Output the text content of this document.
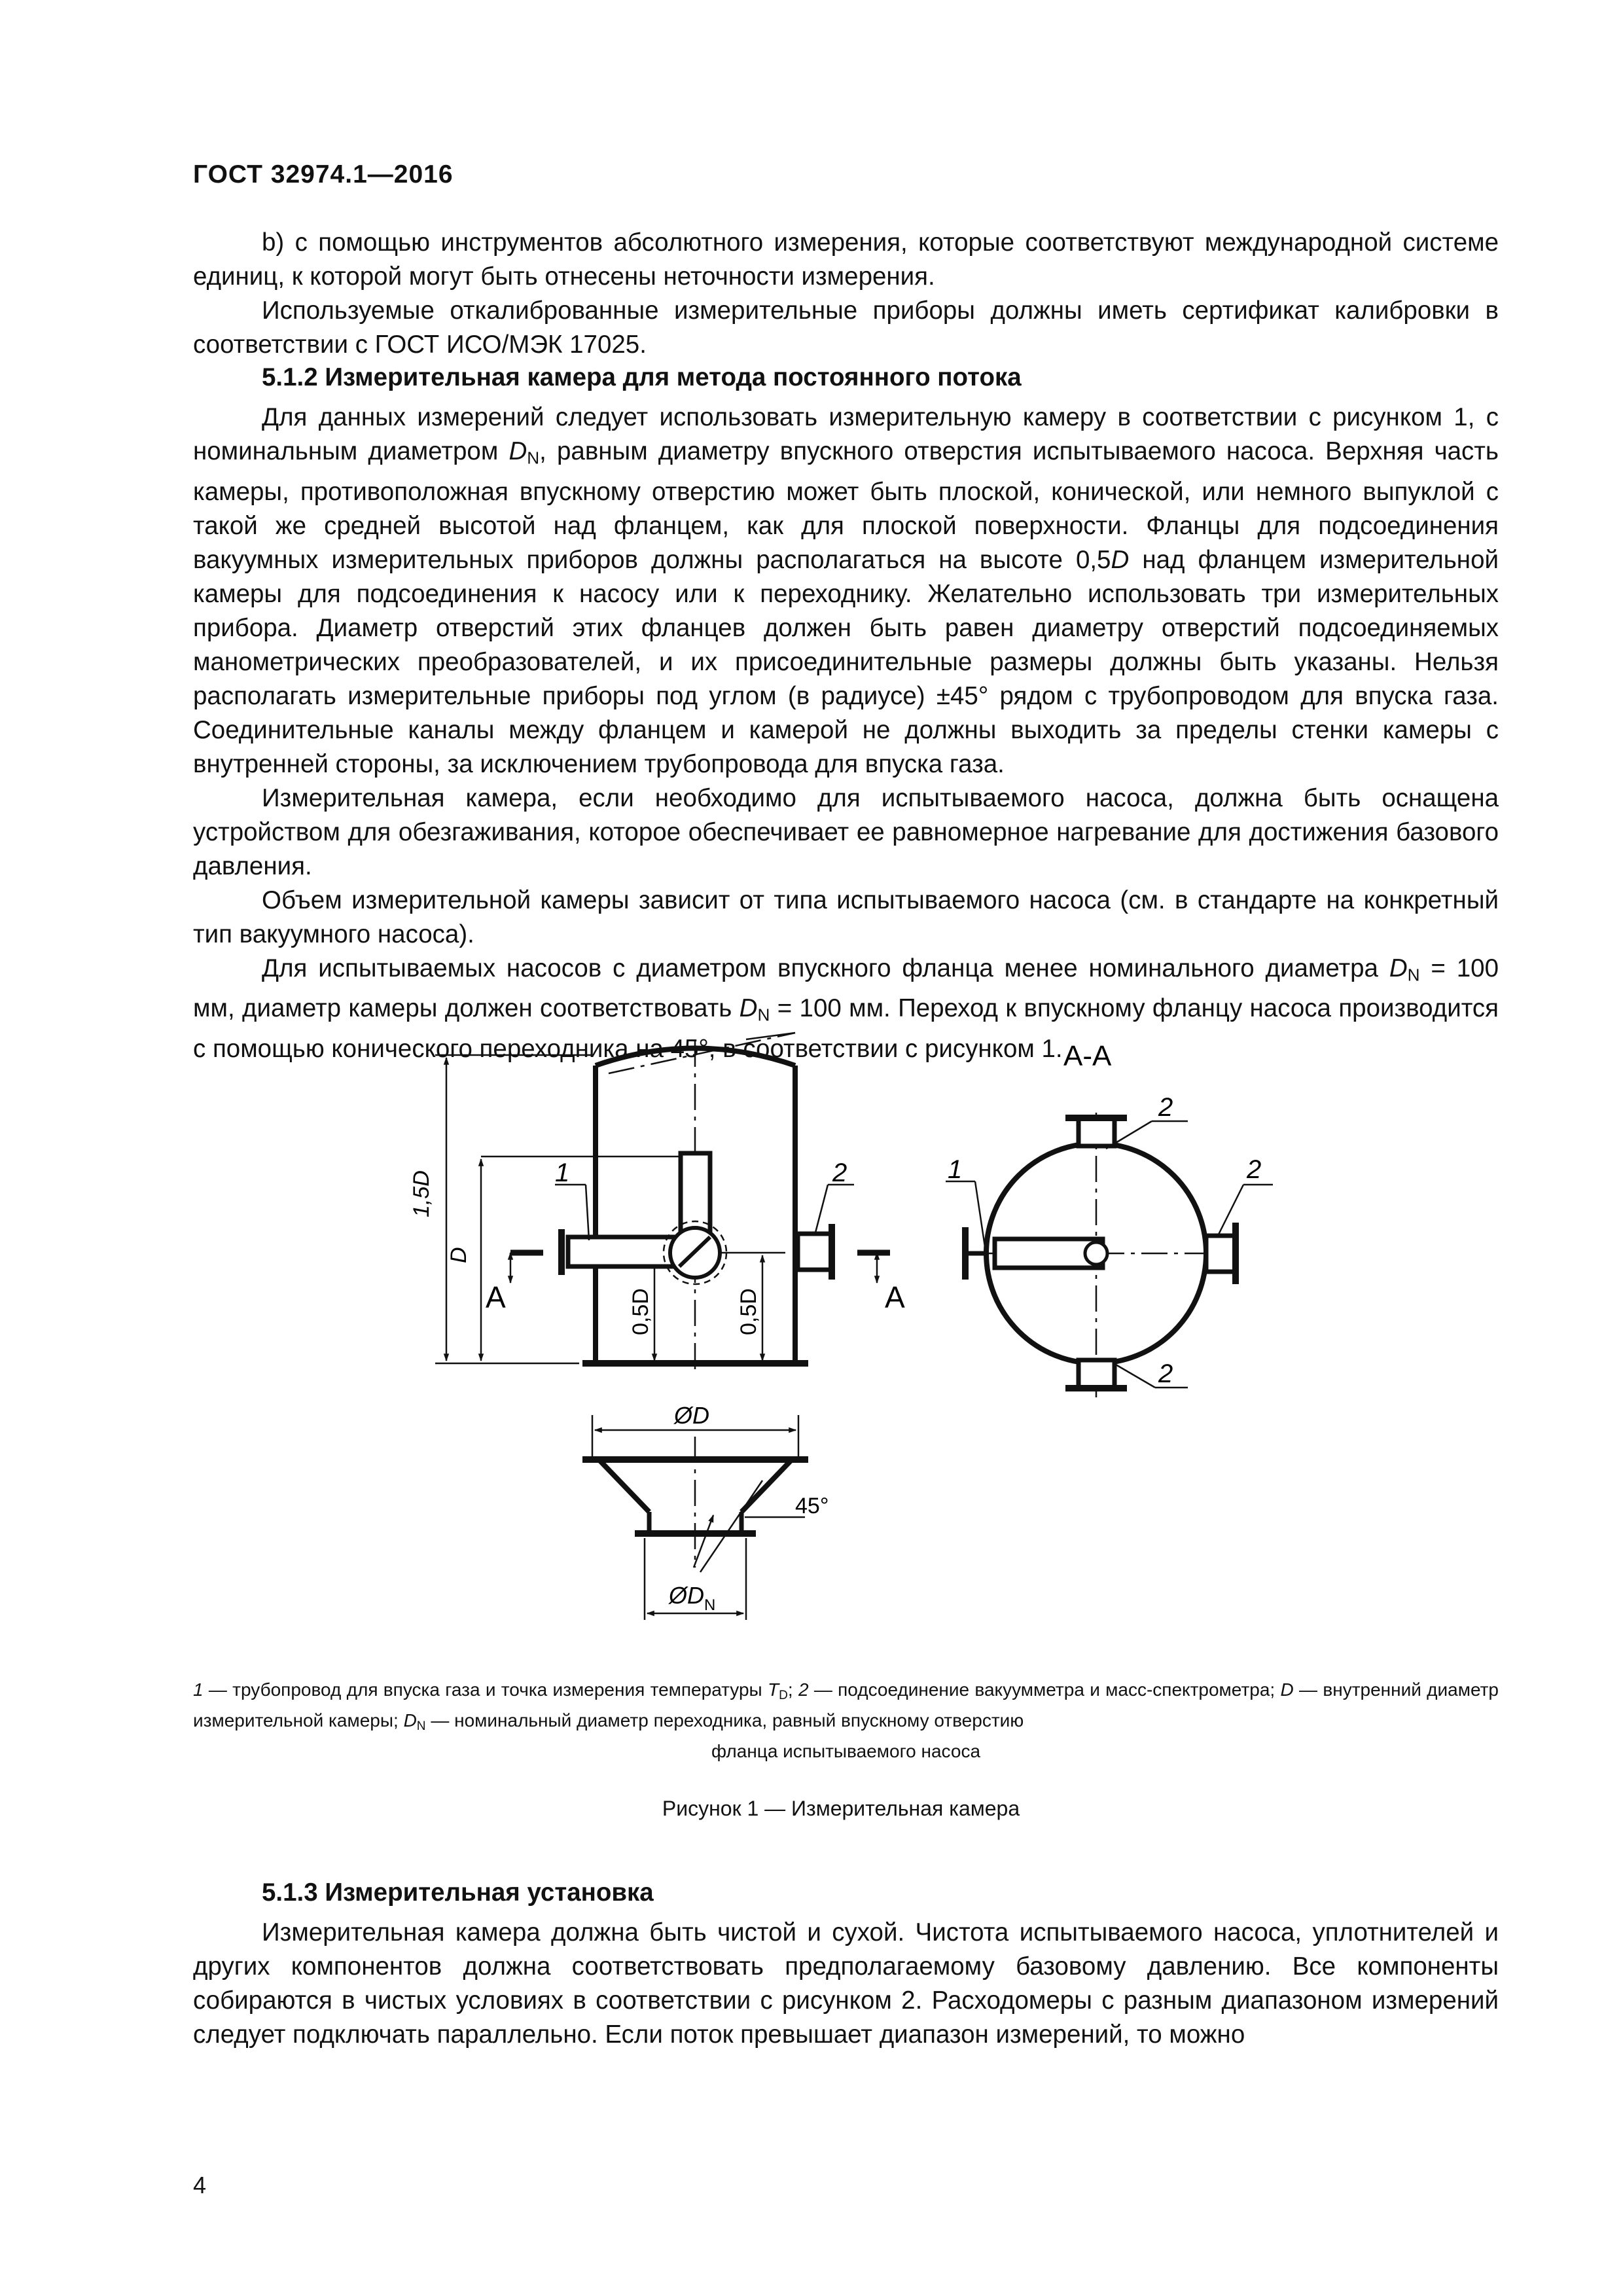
ГОСТ 32974.1—2016

b) с помощью инструментов абсолютного измерения, которые соответствуют международной системе единиц, к которой могут быть отнесены неточности измерения.

Используемые откалиброванные измерительные приборы должны иметь сертификат калибровки в соответствии с ГОСТ ИСО/МЭК 17025.

5.1.2 Измерительная камера для метода постоянного потока

Для данных измерений следует использовать измерительную камеру в соответствии с рисунком 1, с номинальным диаметром $D_N$, равным диаметру впускного отверстия испытываемого насоса. Верхняя часть камеры, противоположная впускному отверстию может быть плоской, конической, или немного выпуклой с такой же средней высотой над фланцем, как для плоской поверхности. Фланцы для подсоединения вакуумных измерительных приборов должны располагаться на высоте 0,5D над фланцем измерительной камеры для подсоединения к насосу или к переходнику. Желательно использовать три измерительных прибора. Диаметр отверстий этих фланцев должен быть равен диаметру отверстий подсоединяемых манометрических преобразователей, и их присоединительные размеры должны быть указаны. Нельзя располагать измерительные приборы под углом (в радиусе) ±45° рядом с трубопроводом для впуска газа. Соединительные каналы между фланцем и камерой не должны выходить за пределы стенки камеры с внутренней стороны, за исключением трубопровода для впуска газа.

Измерительная камера, если необходимо для испытываемого насоса, должна быть оснащена устройством для обезгаживания, которое обеспечивает ее равномерное нагревание для достижения базового давления.

Объем измерительной камеры зависит от типа испытываемого насоса (см. в стандарте на конкретный тип вакуумного насоса).

Для испытываемых насосов с диаметром впускного фланца менее номинального диаметра $D_N = 100$ мм, диаметр камеры должен соответствовать $D_N = 100$ мм. Переход к впускному фланцу насоса производится с помощью конического переходника на 45°, в соответствии с рисунком 1.

1,5D
D
0,5D	0,5D
1	2
А	А
А-А
1
2
2
2
ØD
45°
$ØD_N$
1 — трубопровод для впуска газа и точка измерения температуры $T_D$; 2 — подсоединение вакуумметра и масс-спектрометра; D — внутренний диаметр измерительной камеры; $D_N$ — номинальный диаметр переходника, равный впускному отверстию
фланца испытываемого насоса
Рисунок 1 — Измерительная камера
5.1.3 Измерительная установка

Измерительная камера должна быть чистой и сухой. Чистота испытываемого насоса, уплотнителей и других компонентов должна соответствовать предполагаемому базовому давлению. Все компоненты собираются в чистых условиях в соответствии с рисунком 2. Расходомеры с разным диапазоном измерений следует подключать параллельно. Если поток превышает диапазон измерений, то можно

4
